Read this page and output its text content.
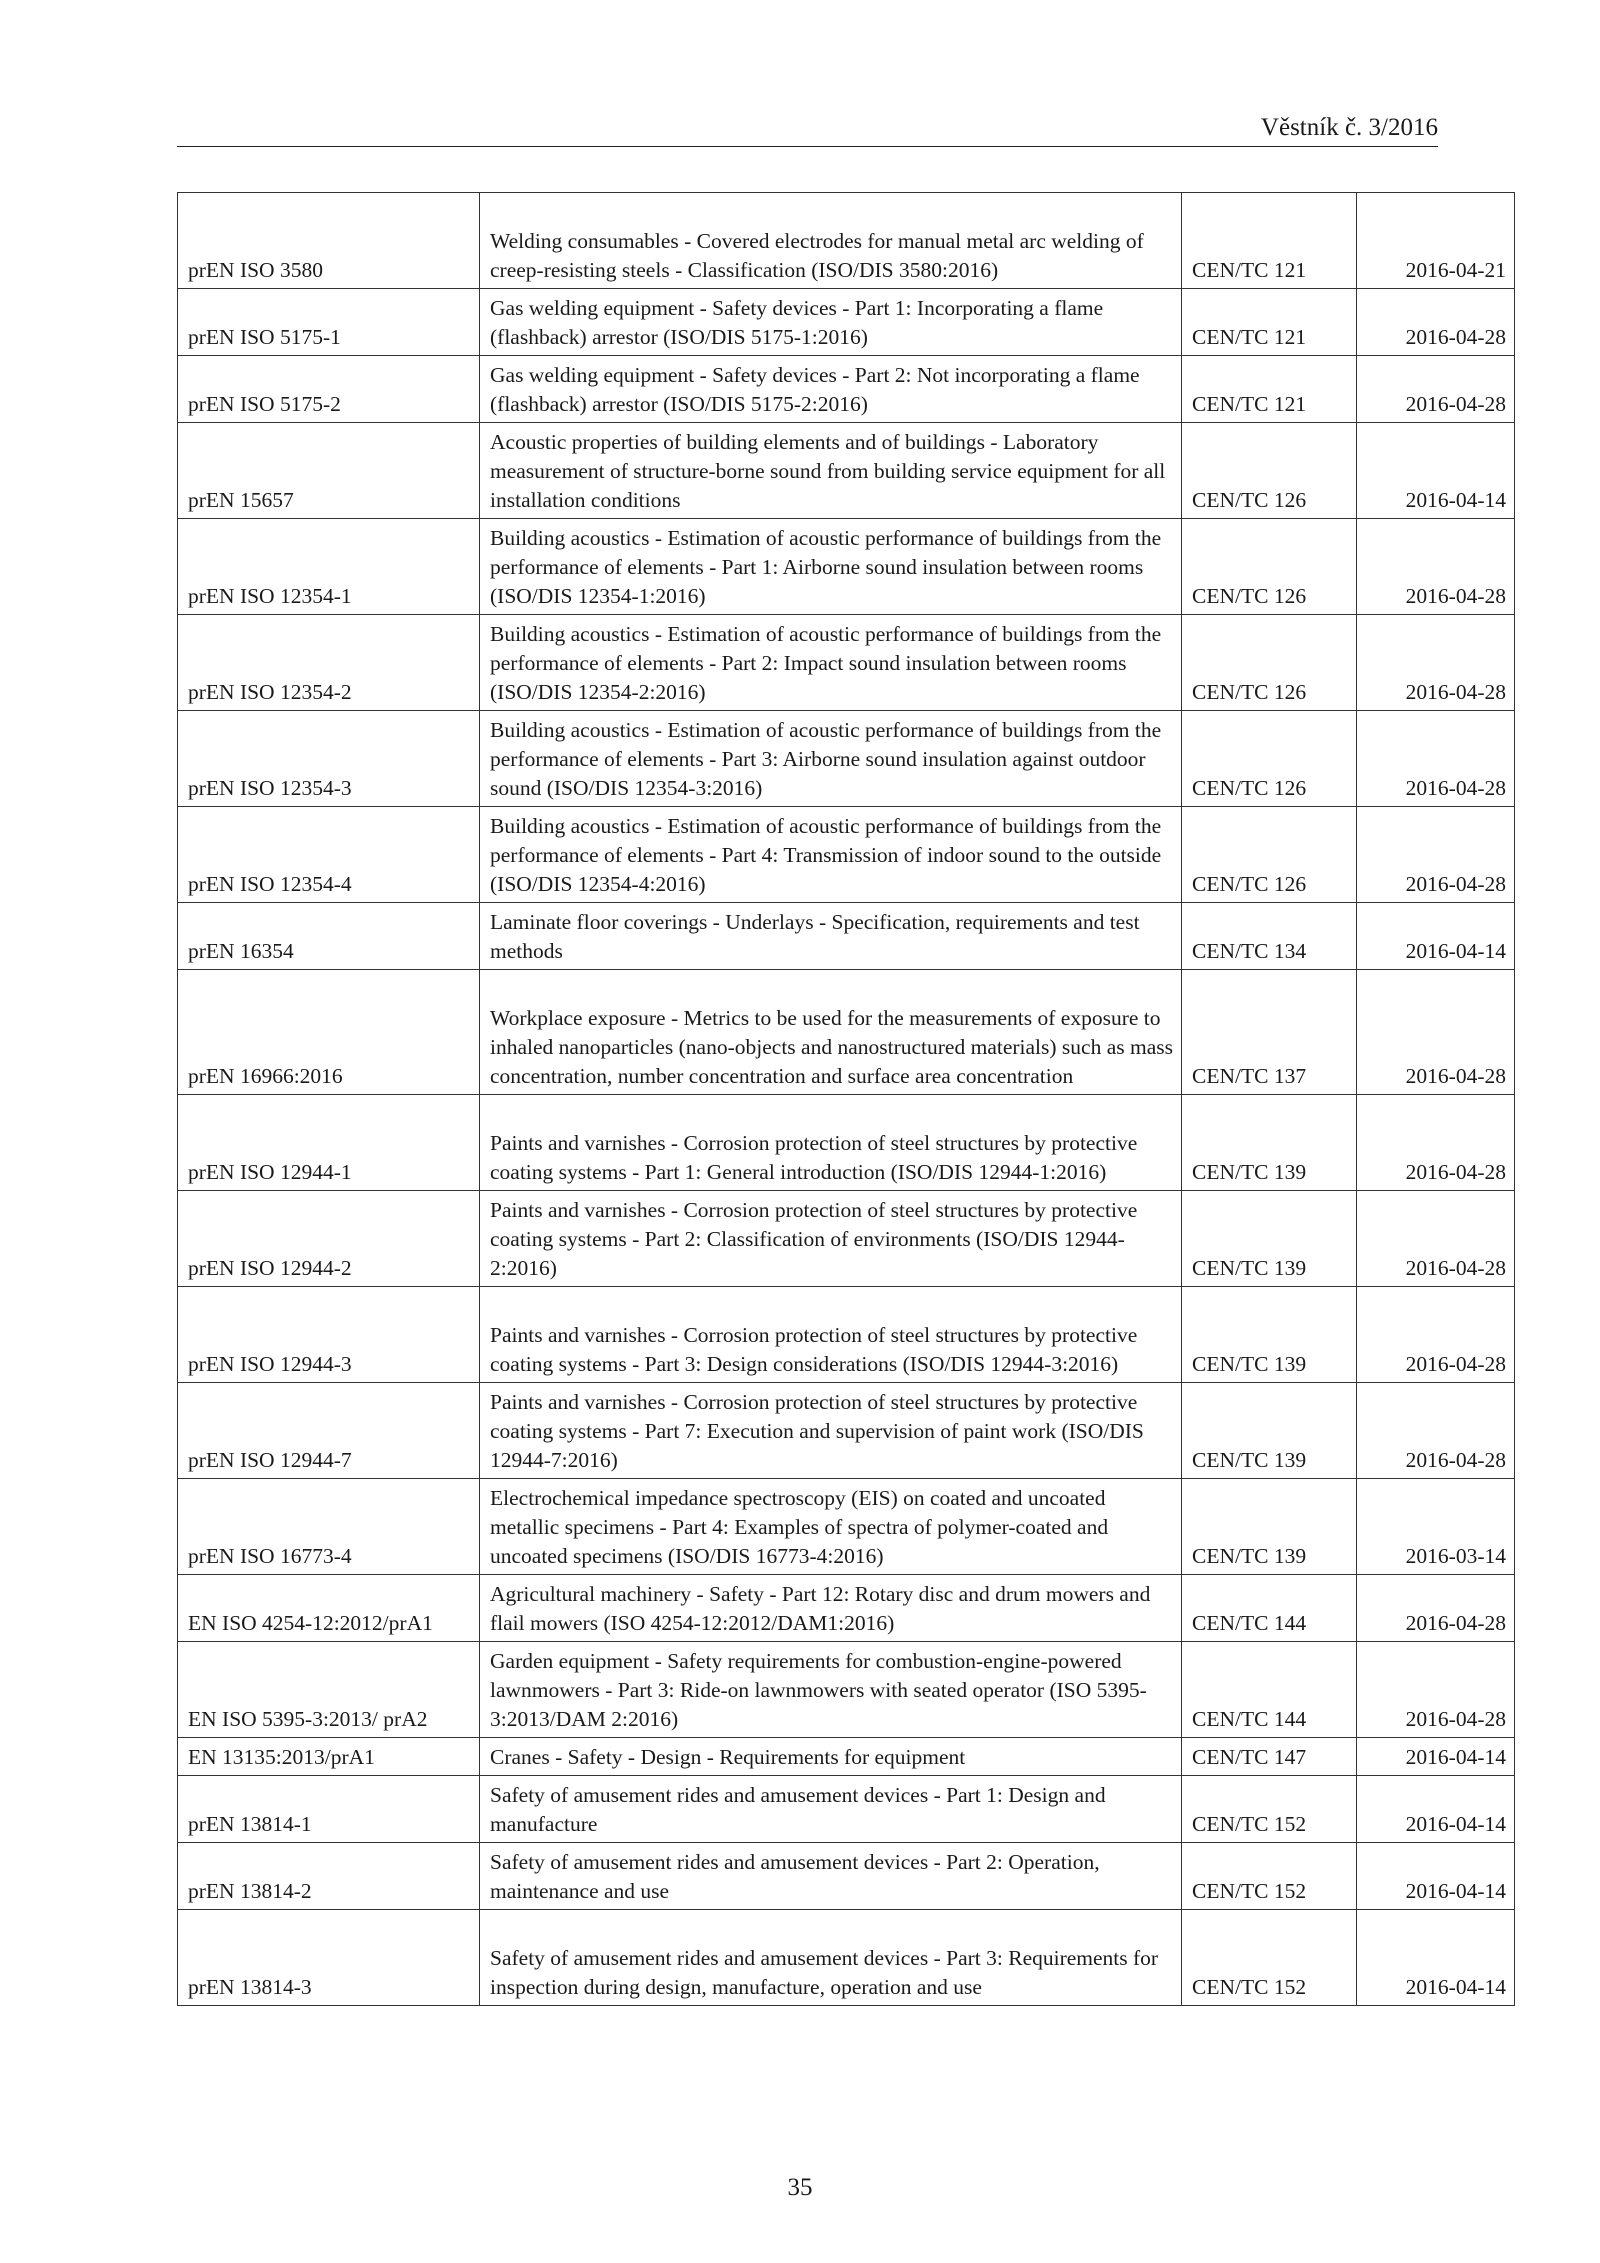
Věstník č. 3/2016
prEN ISO 3580	Welding consumables - Covered electrodes for manual metal arc welding of creep-resisting steels - Classification (ISO/DIS 3580:2016)	CEN/TC 121	2016-04-21
prEN ISO 5175-1	Gas welding equipment - Safety devices - Part 1: Incorporating a flame (flashback) arrestor (ISO/DIS 5175-1:2016)	CEN/TC 121	2016-04-28
prEN ISO 5175-2	Gas welding equipment - Safety devices - Part 2: Not incorporating a flame (flashback) arrestor (ISO/DIS 5175-2:2016)	CEN/TC 121	2016-04-28
prEN 15657	Acoustic properties of building elements and of buildings - Laboratory measurement of structure-borne sound from building service equipment for all installation conditions	CEN/TC 126	2016-04-14
prEN ISO 12354-1	Building acoustics - Estimation of acoustic performance of buildings from the performance of elements - Part 1: Airborne sound insulation between rooms (ISO/DIS 12354-1:2016)	CEN/TC 126	2016-04-28
prEN ISO 12354-2	Building acoustics - Estimation of acoustic performance of buildings from the performance of elements - Part 2: Impact sound insulation between rooms (ISO/DIS 12354-2:2016)	CEN/TC 126	2016-04-28
prEN ISO 12354-3	Building acoustics - Estimation of acoustic performance of buildings from the performance of elements - Part 3: Airborne sound insulation against outdoor sound (ISO/DIS 12354-3:2016)	CEN/TC 126	2016-04-28
prEN ISO 12354-4	Building acoustics - Estimation of acoustic performance of buildings from the performance of elements - Part 4: Transmission of indoor sound to the outside (ISO/DIS 12354-4:2016)	CEN/TC 126	2016-04-28
prEN 16354	Laminate floor coverings - Underlays - Specification, requirements and test methods	CEN/TC 134	2016-04-14
prEN 16966:2016	Workplace exposure - Metrics to be used for the measurements of exposure to inhaled nanoparticles (nano-objects and nanostructured materials) such as mass concentration, number concentration and surface area concentration	CEN/TC 137	2016-04-28
prEN ISO 12944-1	Paints and varnishes - Corrosion protection of steel structures by protective coating systems - Part 1: General introduction (ISO/DIS 12944-1:2016)	CEN/TC 139	2016-04-28
prEN ISO 12944-2	Paints and varnishes - Corrosion protection of steel structures by protective coating systems - Part 2: Classification of environments (ISO/DIS 12944-2:2016)	CEN/TC 139	2016-04-28
prEN ISO 12944-3	Paints and varnishes - Corrosion protection of steel structures by protective coating systems - Part 3: Design considerations (ISO/DIS 12944-3:2016)	CEN/TC 139	2016-04-28
prEN ISO 12944-7	Paints and varnishes - Corrosion protection of steel structures by protective coating systems - Part 7: Execution and supervision of paint work (ISO/DIS 12944-7:2016)	CEN/TC 139	2016-04-28
prEN ISO 16773-4	Electrochemical impedance spectroscopy (EIS) on coated and uncoated metallic specimens - Part 4: Examples of spectra of polymer-coated and uncoated specimens (ISO/DIS 16773-4:2016)	CEN/TC 139	2016-03-14
EN ISO 4254-12:2012/prA1	Agricultural machinery - Safety - Part 12: Rotary disc and drum mowers and flail mowers (ISO 4254-12:2012/DAM1:2016)	CEN/TC 144	2016-04-28
EN ISO 5395-3:2013/ prA2	Garden equipment - Safety requirements for combustion-engine-powered lawnmowers - Part 3: Ride-on lawnmowers with seated operator (ISO 5395-3:2013/DAM 2:2016)	CEN/TC 144	2016-04-28
EN 13135:2013/prA1	Cranes - Safety - Design - Requirements for equipment	CEN/TC 147	2016-04-14
prEN 13814-1	Safety of amusement rides and amusement devices - Part 1: Design and manufacture	CEN/TC 152	2016-04-14
prEN 13814-2	Safety of amusement rides and amusement devices - Part 2: Operation, maintenance and use	CEN/TC 152	2016-04-14
prEN 13814-3	Safety of amusement rides and amusement devices - Part 3: Requirements for inspection during design, manufacture, operation and use	CEN/TC 152	2016-04-14
35
